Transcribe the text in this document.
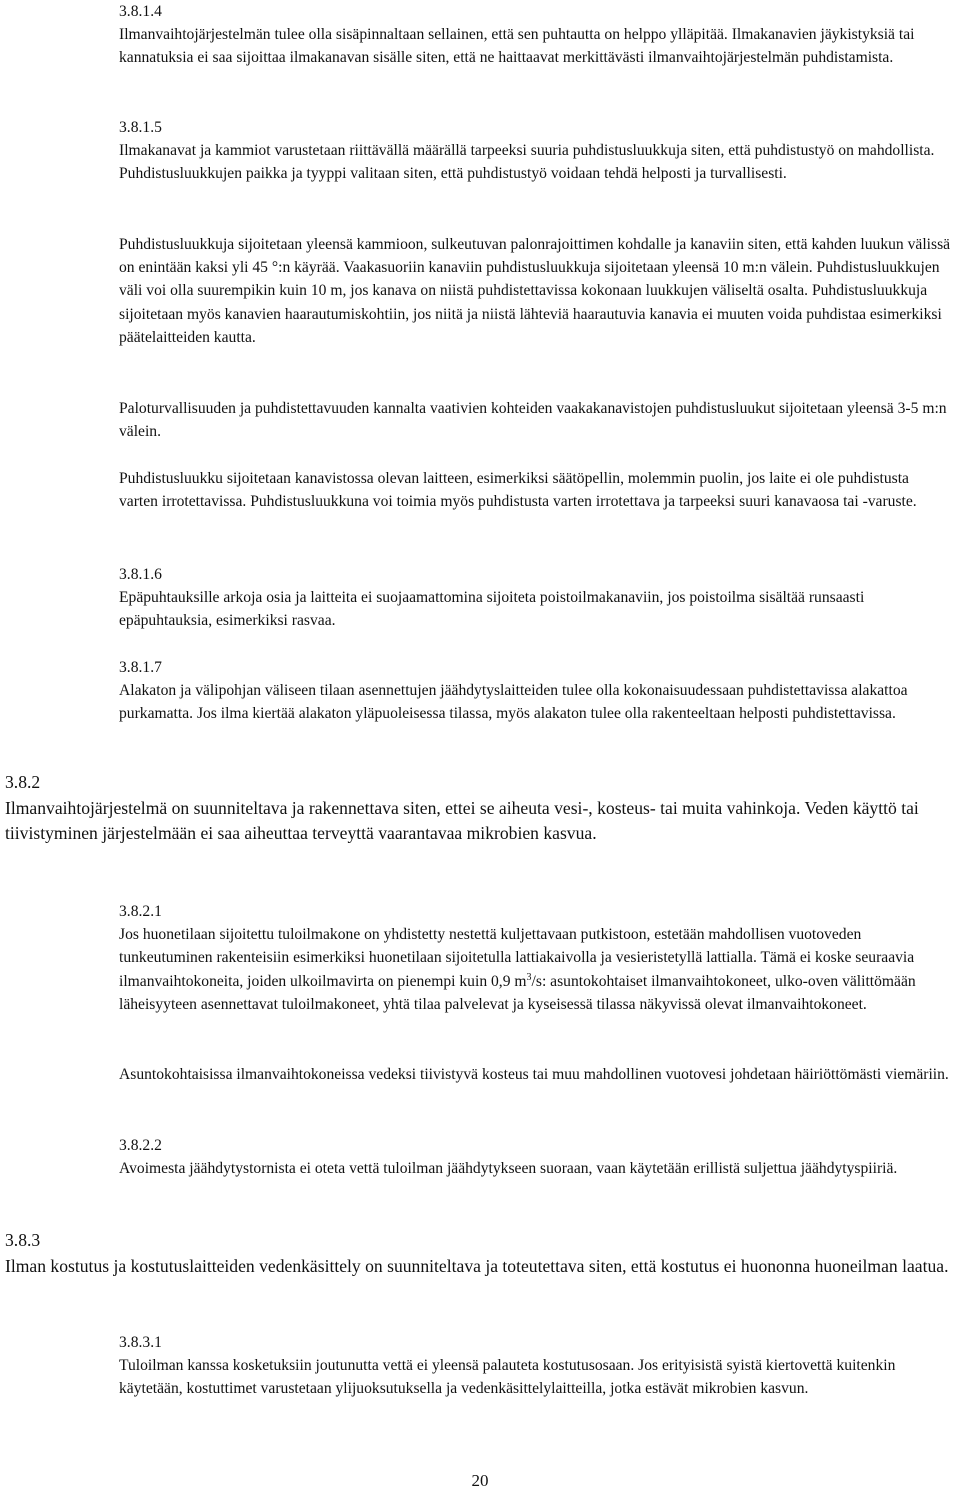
3.8.1.4

Ilmanvaihtojärjestelmän tulee olla sisäpinnaltaan sellainen, että sen puhtautta on helppo ylläpitää. Ilmakanavien jäykistyksiä tai kannatuksia ei saa sijoittaa ilmakanavan sisälle siten, että ne haittaavat merkittävästi ilmanvaihtojärjestelmän puhdistamista.

3.8.1.5

Ilmakanavat ja kammiot varustetaan riittävällä määrällä tarpeeksi suuria puhdistusluukkuja siten, että puhdistustyö on mahdollista. Puhdistusluukkujen paikka ja tyyppi valitaan siten, että puhdistustyö voidaan tehdä helposti ja turvallisesti.

Puhdistusluukkuja sijoitetaan yleensä kammioon, sulkeutuvan palonrajoittimen kohdalle ja kanaviin siten, että kahden luukun välissä on enintään kaksi yli 45 °:n käyrää. Vaakasuoriin kanaviin puhdistusluukkuja sijoitetaan yleensä 10 m:n välein. Puhdistusluukkujen väli voi olla suurempikin kuin 10 m, jos kanava on niistä puhdistettavissa kokonaan luukkujen väliseltä osalta. Puhdistusluukkuja sijoitetaan myös kanavien haarautumiskohtiin, jos niitä ja niistä lähteviä haarautuvia kanavia ei muuten voida puhdistaa esimerkiksi päätelaitteiden kautta.

Paloturvallisuuden ja puhdistettavuuden kannalta vaativien kohteiden vaakakanavistojen puhdistusluukut sijoitetaan yleensä 3-5 m:n välein.

Puhdistusluukku sijoitetaan kanavistossa olevan laitteen, esimerkiksi säätöpellin, molemmin puolin, jos laite ei ole puhdistusta varten irrotettavissa. Puhdistusluukkuna voi toimia myös puhdistusta varten irrotettava ja tarpeeksi suuri kanavaosa tai -varuste.

3.8.1.6

Epäpuhtauksille arkoja osia ja laitteita ei suojaamattomina sijoiteta poistoilmakanaviin, jos poistoilma sisältää runsaasti epäpuhtauksia, esimerkiksi rasvaa.

3.8.1.7

Alakaton ja välipohjan väliseen tilaan asennettujen jäähdytyslaitteiden tulee olla kokonaisuudessaan puhdistettavissa alakattoa purkamatta. Jos ilma kiertää alakaton yläpuoleisessa tilassa, myös alakaton tulee olla rakenteeltaan helposti puhdistettavissa.

3.8.2

Ilmanvaihtojärjestelmä on suunniteltava ja rakennettava siten, ettei se aiheuta vesi-, kosteus- tai muita vahinkoja. Veden käyttö tai tiivistyminen järjestelmään ei saa aiheuttaa terveyttä vaarantavaa mikrobien kasvua.

3.8.2.1

Jos huonetilaan sijoitettu tuloilmakone on yhdistetty nestettä kuljettavaan putkistoon, estetään mahdollisen vuotoveden tunkeutuminen rakenteisiin esimerkiksi huonetilaan sijoitetulla lattiakaivolla ja vesieristetyllä lattialla. Tämä ei koske seuraavia ilmanvaihtokoneita, joiden ulkoilmavirta on pienempi kuin 0,9 $m^3/s$: asuntokohtaiset ilmanvaihtokoneet, ulko-oven välittömään läheisyyteen asennettavat tuloilmakoneet, yhtä tilaa palvelevat ja kyseisessä tilassa näkyvissä olevat ilmanvaihtokoneet.

Asuntokohtaisissa ilmanvaihtokoneissa vedeksi tiivistyvä kosteus tai muu mahdollinen vuotovesi johdetaan häiriöttömästi viemäriin.

3.8.2.2

Avoimesta jäähdytystornista ei oteta vettä tuloilman jäähdytykseen suoraan, vaan käytetään erillistä suljettua jäähdytyspiiriä.

3.8.3

Ilman kostutus ja kostutuslaitteiden vedenkäsittely on suunniteltava ja toteutettava siten, että kostutus ei huononna huoneilman laatua.

3.8.3.1

Tuloilman kanssa kosketuksiin joutunutta vettä ei yleensä palauteta kostutusosaan. Jos erityisistä syistä kiertovettä kuitenkin käytetään, kostuttimet varustetaan ylijuoksutuksella ja vedenkäsittelylaitteilla, jotka estävät mikrobien kasvun.

20
